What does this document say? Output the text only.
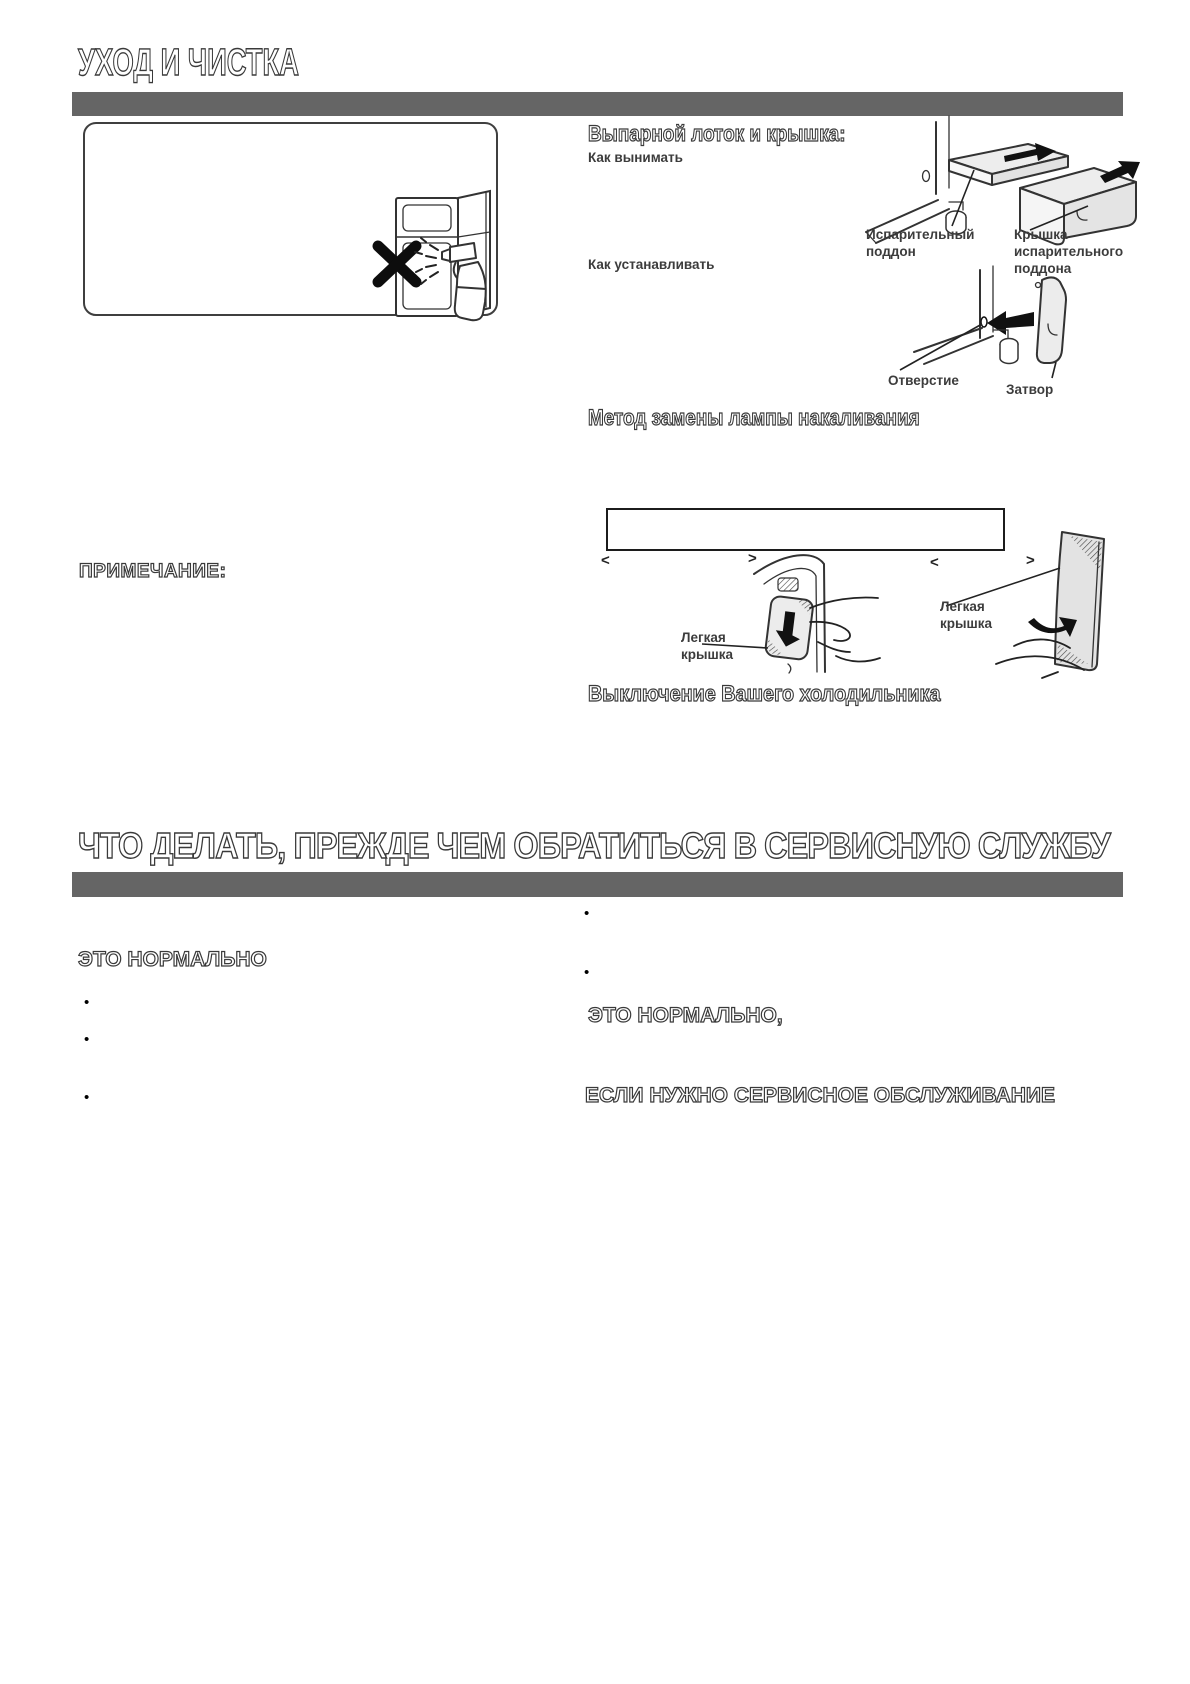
УХОД И ЧИСТКА
Выпарной лоток и крышка:
Как вынимать
Как устанавливать
Испарительный поддон
Крышка испарительного поддона
Отверстие
Затвор
Метод замены лампы накаливания
<	>	<	>
Легкая крышка
Легкая крышка
Выключение Вашего холодильника
ПРИМЕЧАНИЕ:
ЧТО ДЕЛАТЬ, ПРЕЖДЕ ЧЕМ ОБРАТИТЬСЯ В СЕРВИСНУЮ СЛУЖБУ
ЭТО НОРМАЛЬНО
•
•
•
•
•
ЭТО НОРМАЛЬНО,
ЕСЛИ НУЖНО СЕРВИСНОЕ ОБСЛУЖИВАНИЕ
